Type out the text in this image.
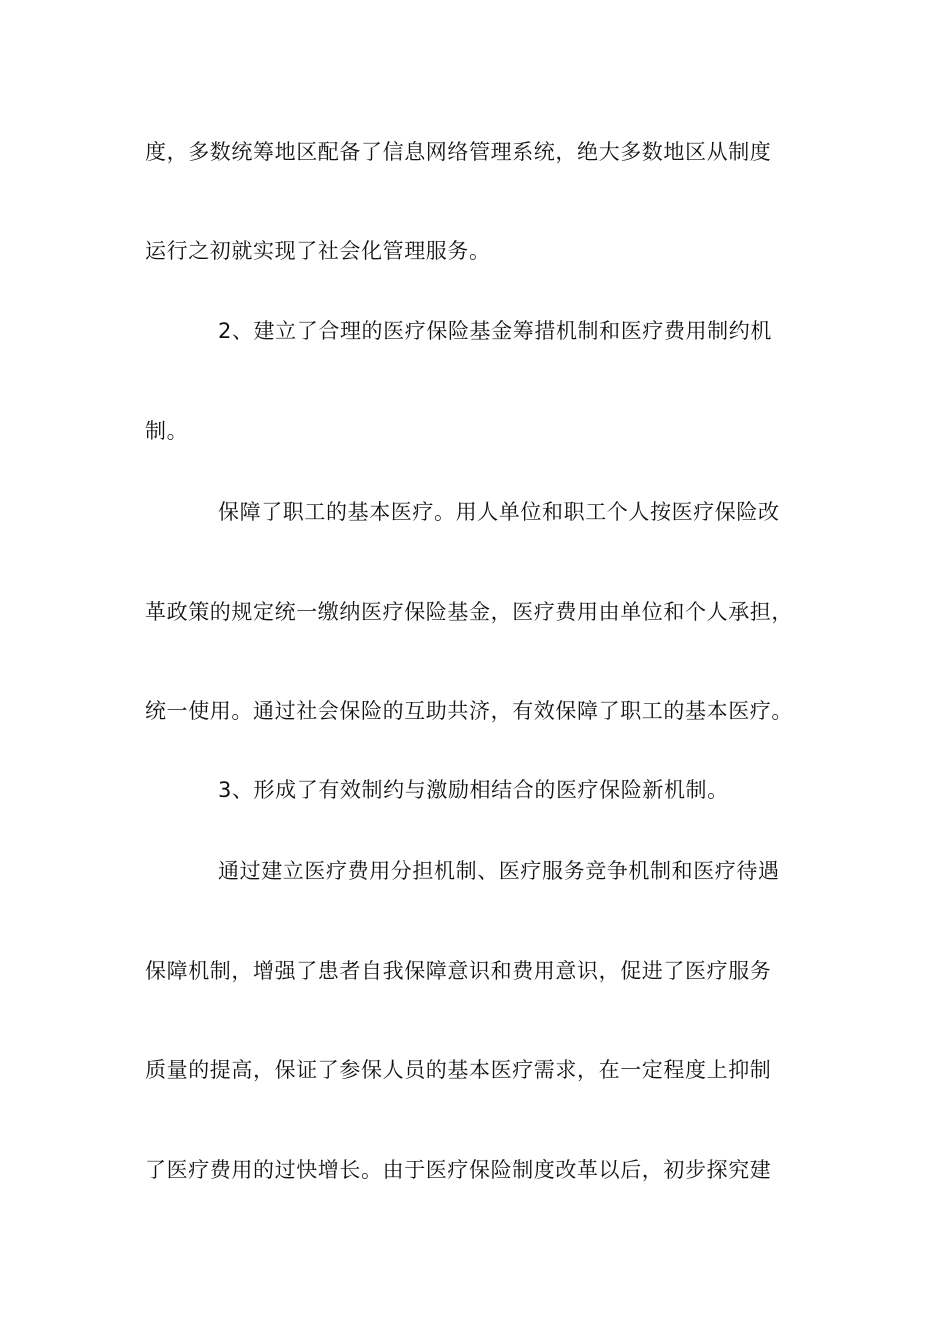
度，多数统筹地区配备了信息网络管理系统，绝大多数地区从制度
运行之初就实现了社会化管理服务。
2、建立了合理的医疗保险基金筹措机制和医疗费用制约机
制。
保障了职工的基本医疗。用人单位和职工个人按医疗保险改
革政策的规定统一缴纳医疗保险基金，医疗费用由单位和个人承担，
统一使用。通过社会保险的互助共济，有效保障了职工的基本医疗。
3、形成了有效制约与激励相结合的医疗保险新机制。
通过建立医疗费用分担机制、医疗服务竞争机制和医疗待遇
保障机制，增强了患者自我保障意识和费用意识，促进了医疗服务
质量的提高，保证了参保人员的基本医疗需求，在一定程度上抑制
了医疗费用的过快增长。由于医疗保险制度改革以后，初步探究建
